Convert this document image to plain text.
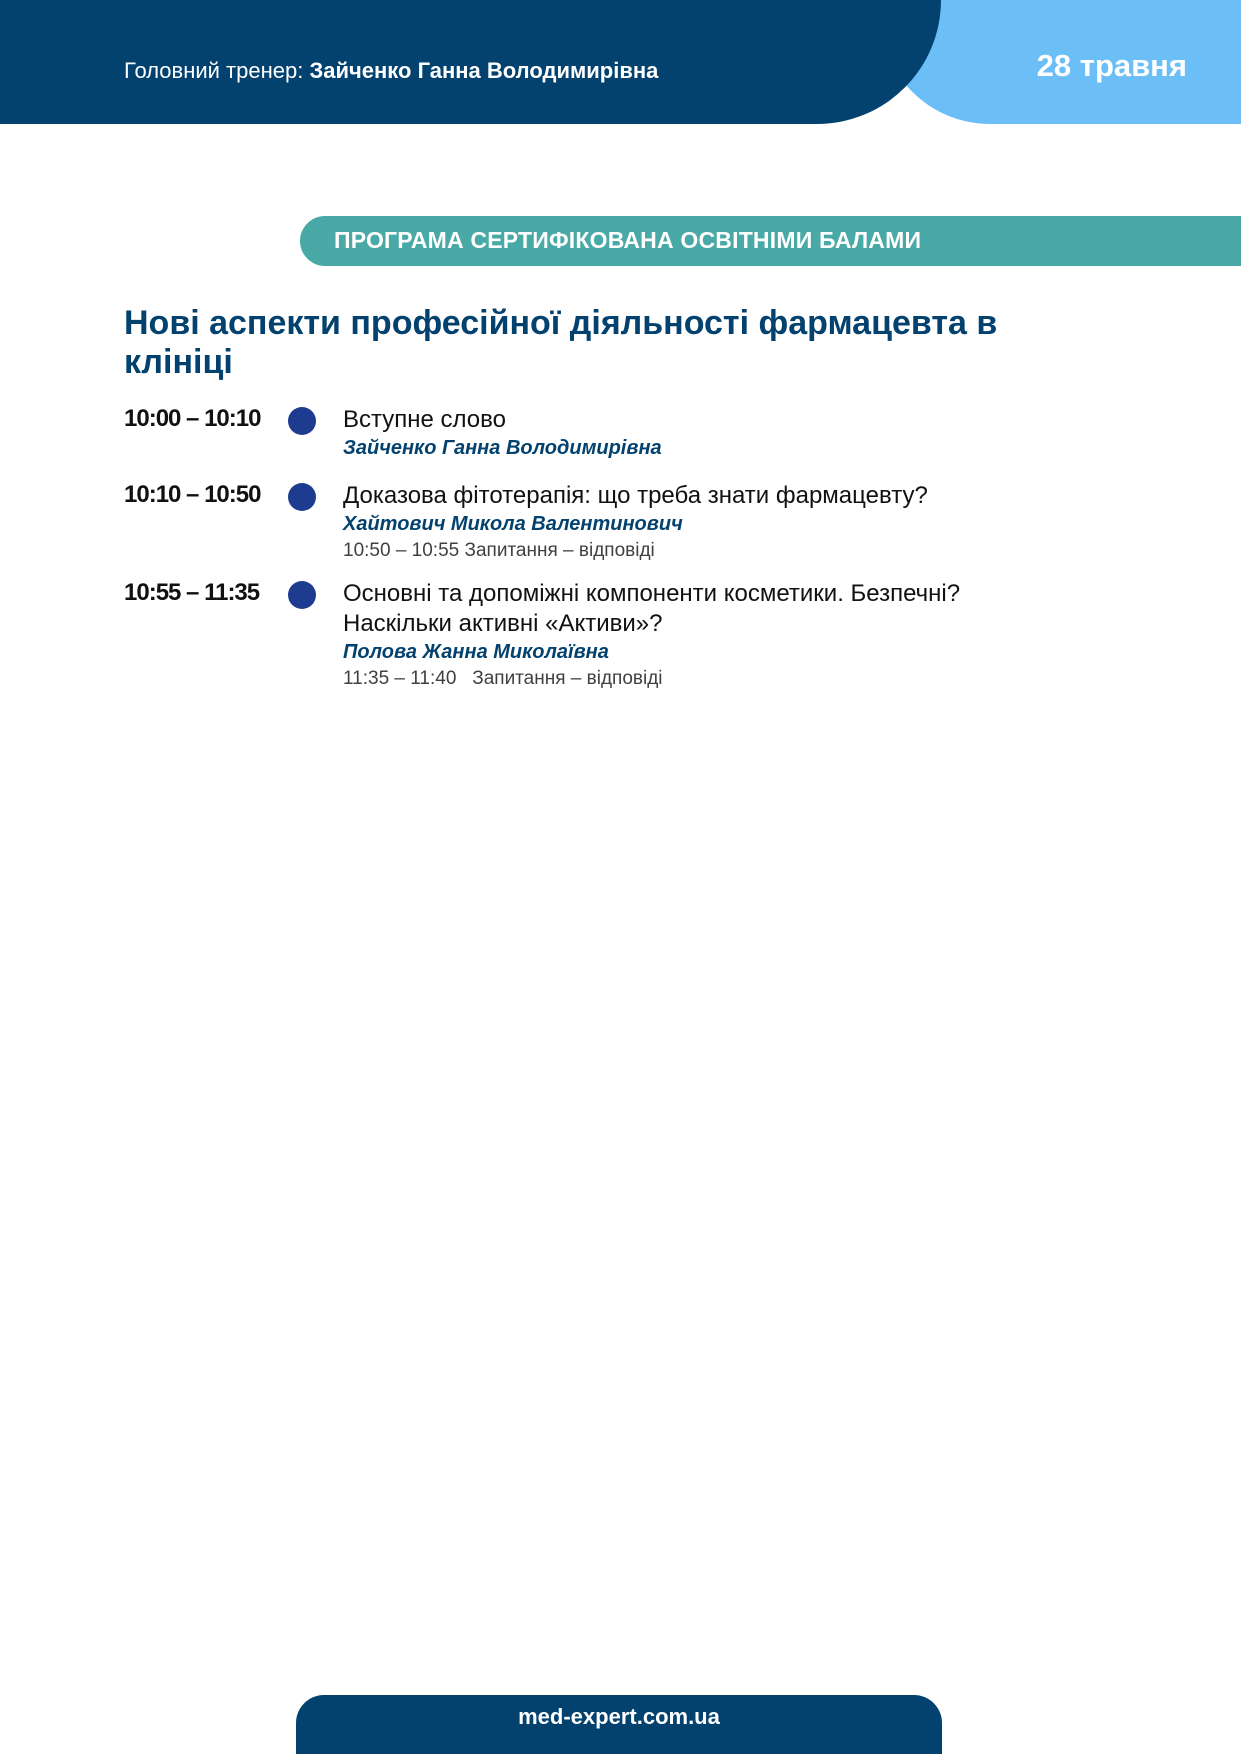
Головний тренер: Зайченко Ганна Володимирівна	28 травня
ПРОГРАМА СЕРТИФІКОВАНА ОСВІТНІМИ БАЛАМИ
Нові аспекти професійної діяльності фармацевта в клініці
10:00 – 10:10	Вступне слово
Зайченко Ганна Володимирівна
10:10 – 10:50	Доказова фітотерапія: що треба знати фармацевту?
Хайтович Микола Валентинович
10:50 – 10:55 Запитання – відповіді
10:55 – 11:35	Основні та допоміжні компоненти косметики. Безпечні? Наскільки активні «Активи»?
Полова Жанна Миколаївна
11:35 – 11:40   Запитання – відповіді
med-expert.com.ua
